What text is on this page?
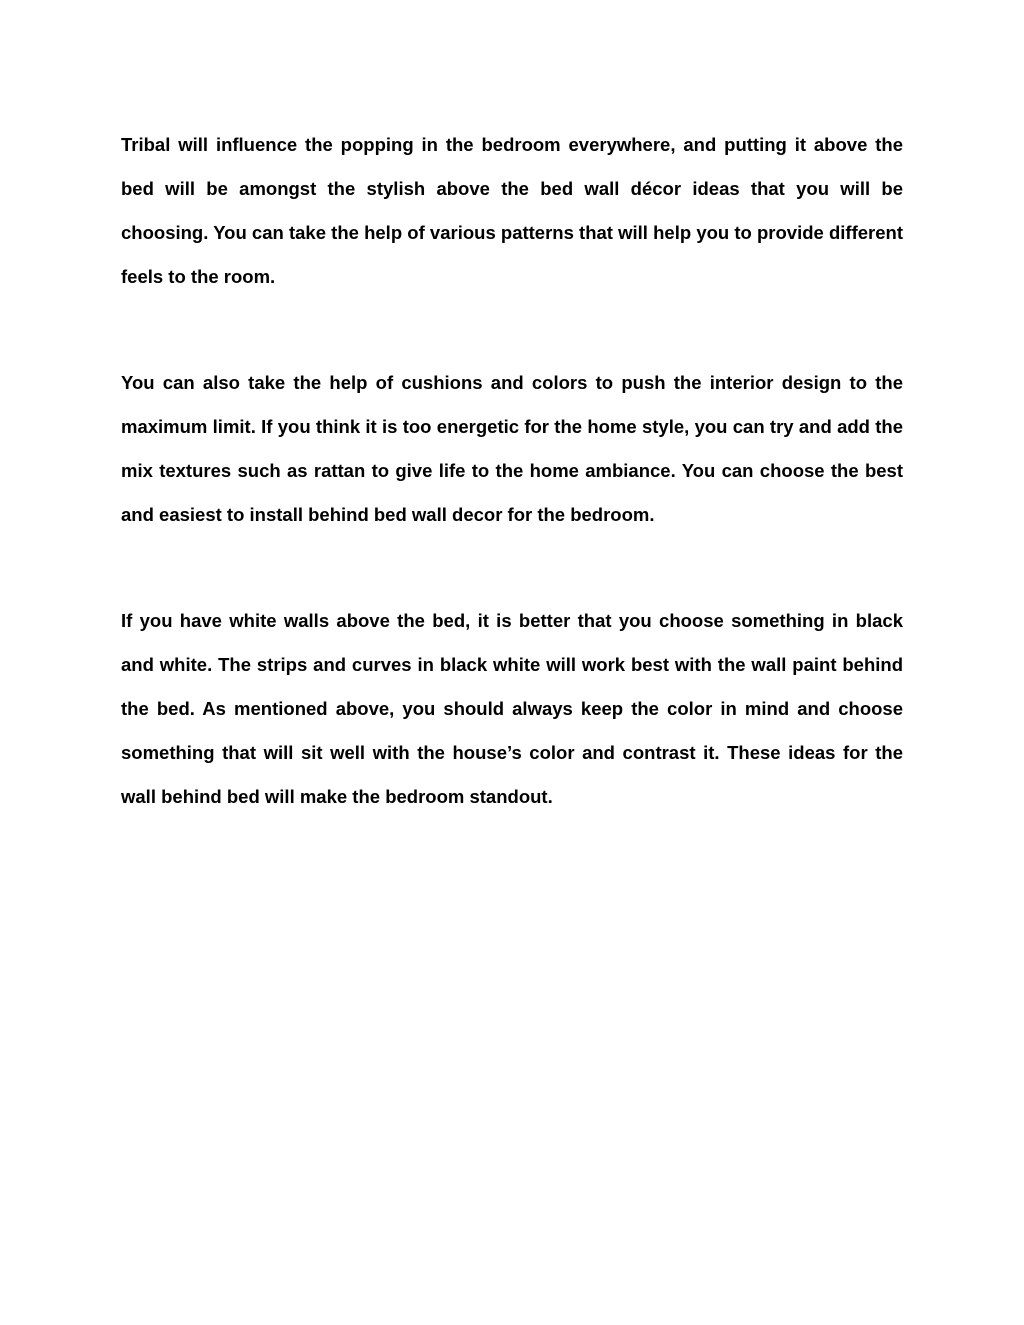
Tribal will influence the popping in the bedroom everywhere, and putting it above the bed will be amongst the stylish above the bed wall décor ideas that you will be choosing. You can take the help of various patterns that will help you to provide different feels to the room.

You can also take the help of cushions and colors to push the interior design to the maximum limit. If you think it is too energetic for the home style, you can try and add the mix textures such as rattan to give life to the home ambiance. You can choose the best and easiest to install behind bed wall decor for the bedroom.

If you have white walls above the bed, it is better that you choose something in black and white. The strips and curves in black white will work best with the wall paint behind the bed. As mentioned above, you should always keep the color in mind and choose something that will sit well with the house’s color and contrast it. These ideas for the wall behind bed will make the bedroom standout.
